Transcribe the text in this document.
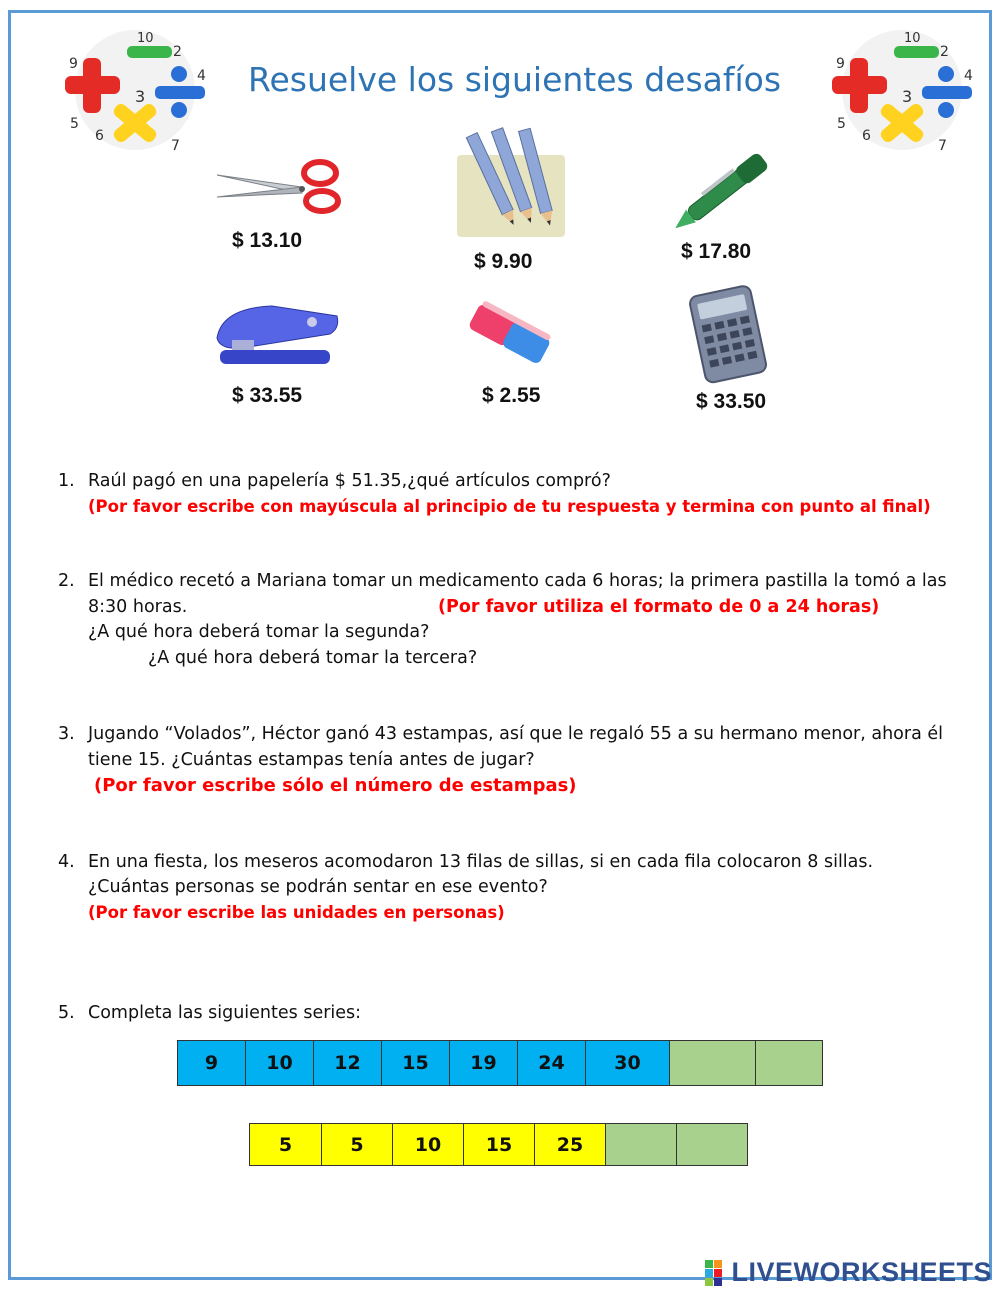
9
2
4
10
6
7
5
3
9
2
4
10
6
7
5
3
Resuelve los siguientes desafíos
$ 13.10
$ 9.90	$ 17.80
$ 33.55	$ 2.55	$ 33.50
1. Raúl pagó en una papelería $ 51.35,¿qué artículos compró?
(Por favor escribe con mayúscula al principio de tu respuesta y termina con punto al final)
2. El médico recetó a Mariana tomar un medicamento cada 6 horas; la primera pastilla la tomó a las
8:30 horas.	(Por favor utiliza el formato de 0 a 24 horas)
¿A qué hora deberá tomar la segunda?
¿A qué hora deberá tomar la tercera?
3. Jugando “Volados”, Héctor ganó 43 estampas, así que le regaló 55 a su hermano menor, ahora él
tiene 15. ¿Cuántas estampas tenía antes de jugar?
(Por favor escribe sólo el número de estampas)
4. En una fiesta, los meseros acomodaron 13 filas de sillas, si en cada fila colocaron 8 sillas.
¿Cuántas personas se podrán sentar en ese evento?
(Por favor escribe las unidades en personas)
5. Completa las siguientes series:
9	10	12	15	19	24	30
5	5	10	15	25
LIVEWORKSHEETS
